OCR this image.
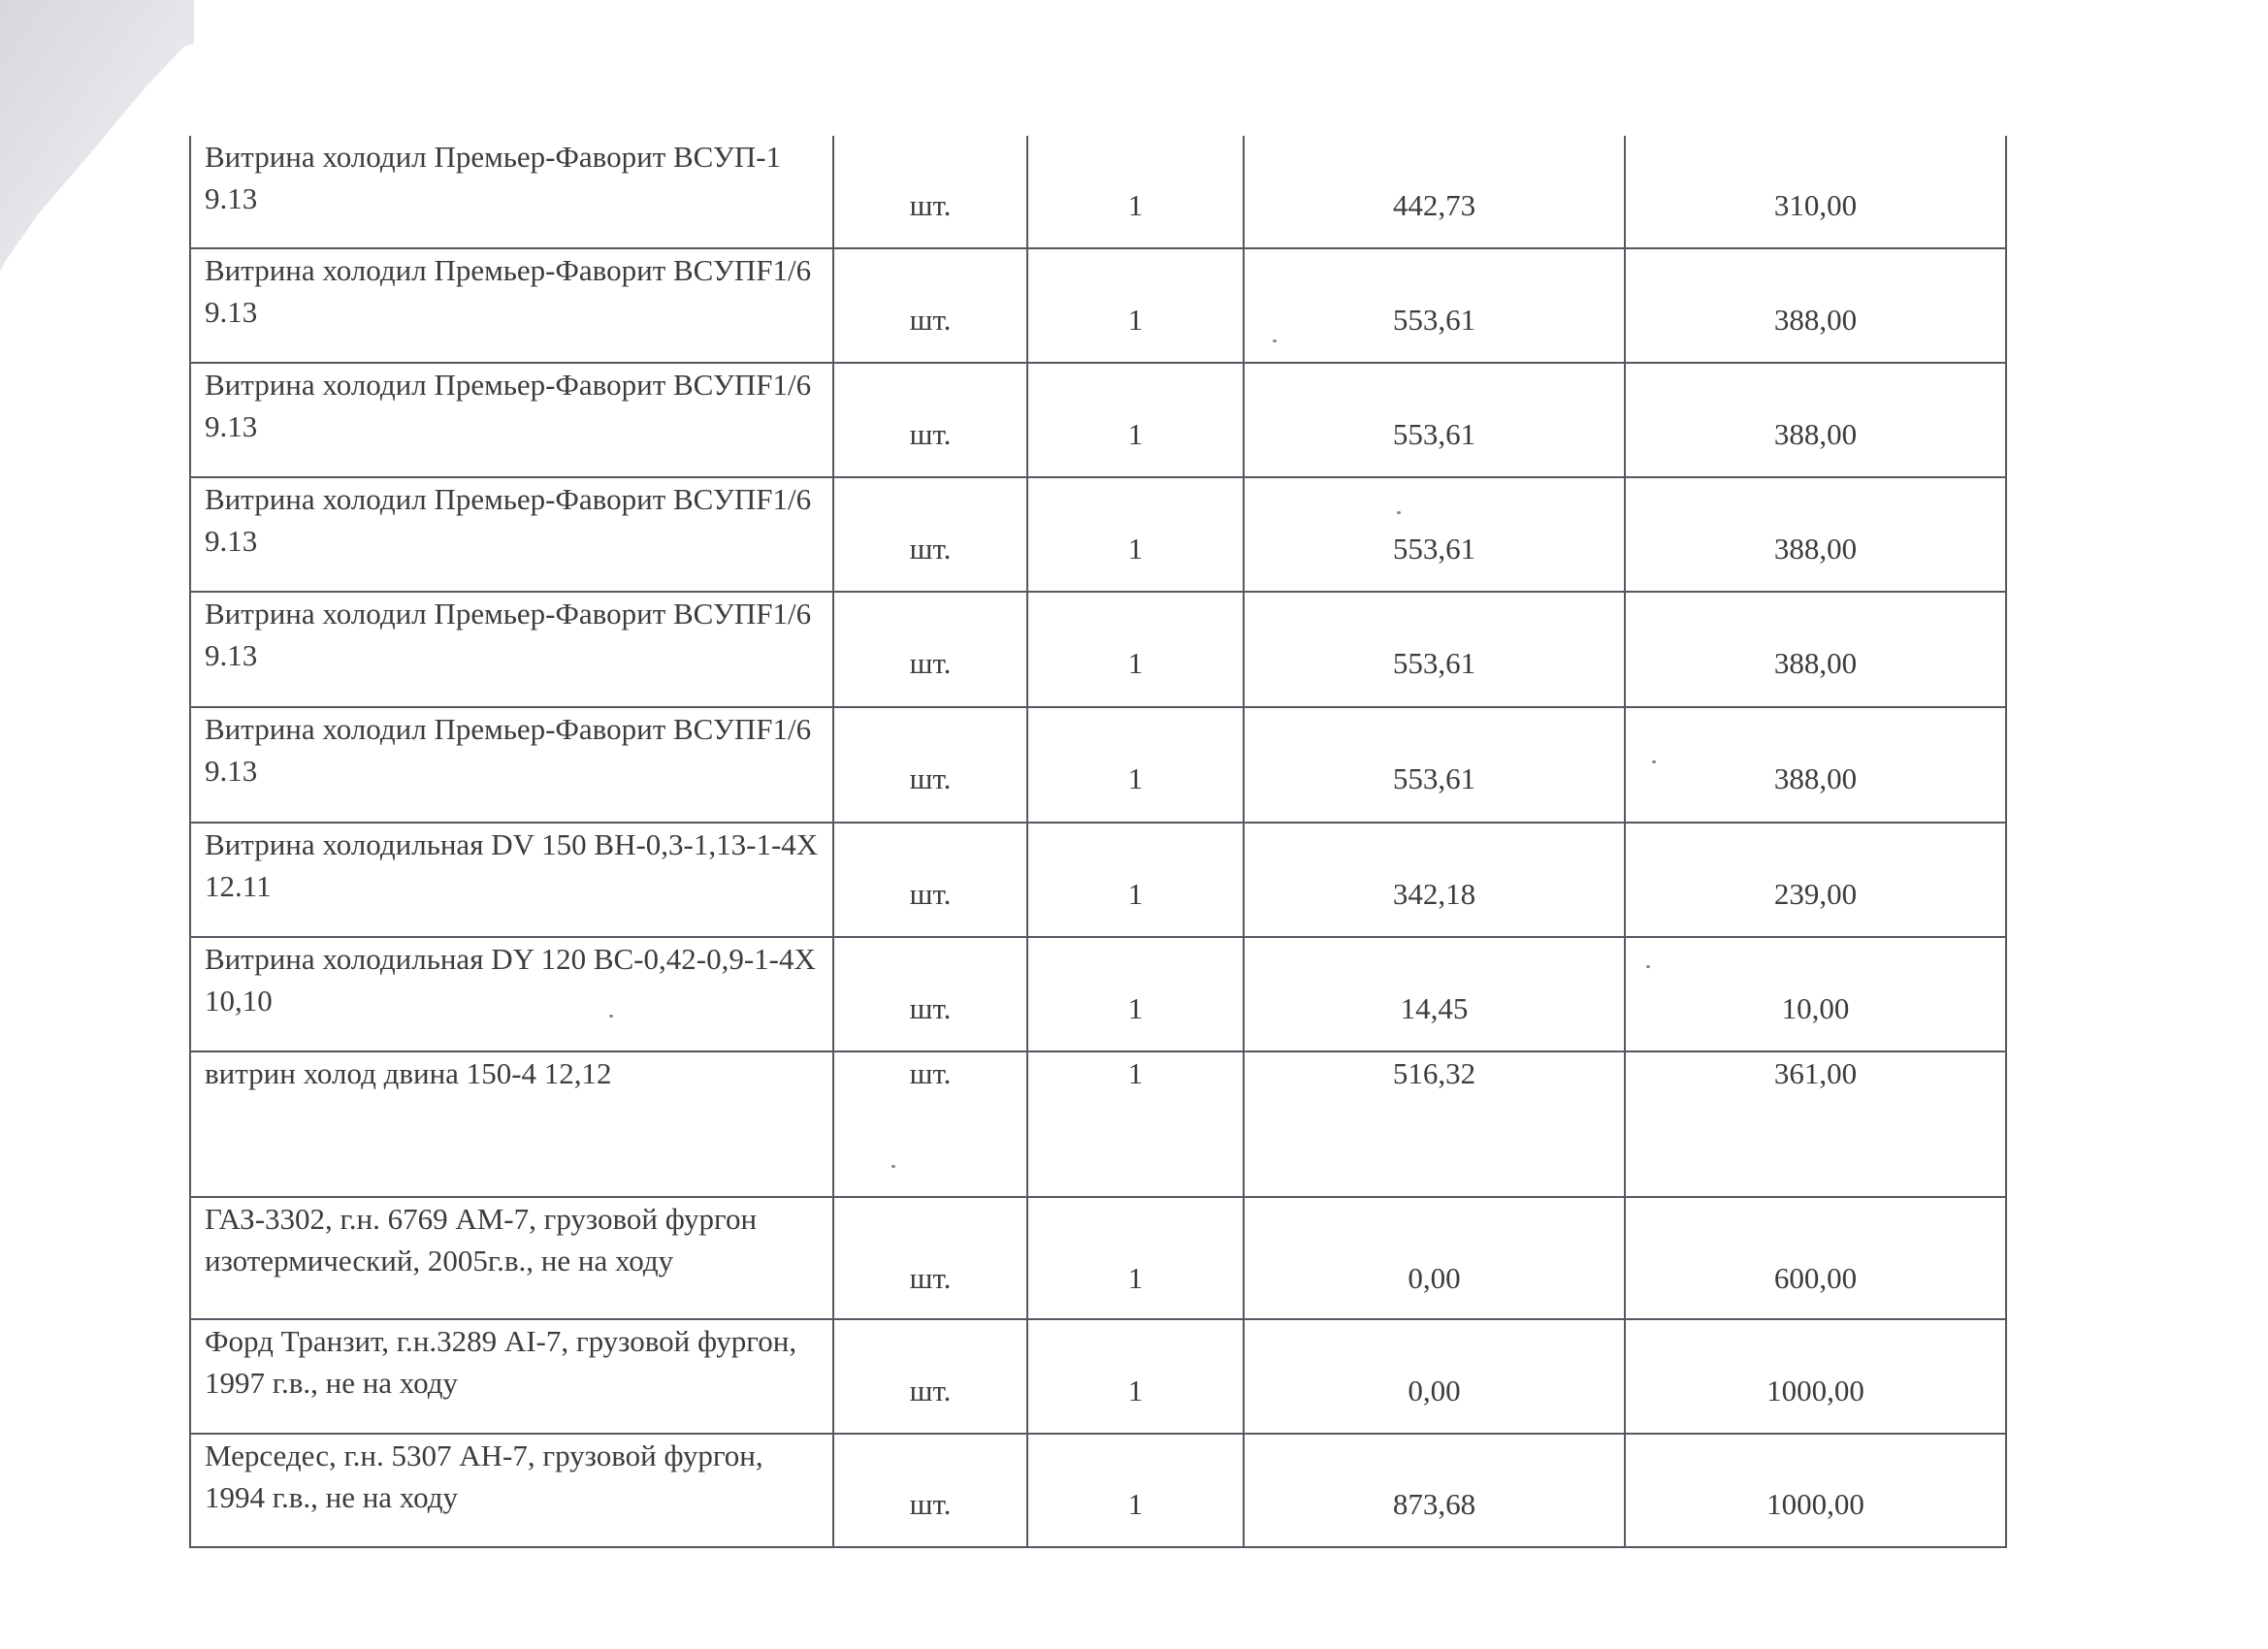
Витрина холодил Премьер-Фаворит ВСУП-1 9.13	шт.	1	442,73	310,00

Витрина холодил Премьер-Фаворит ВСУПF1/6 9.13	шт.	1	553,61	388,00

Витрина холодил Премьер-Фаворит ВСУПF1/6 9.13	шт.	1	553,61	388,00

Витрина холодил Премьер-Фаворит ВСУПF1/6 9.13	шт.	1	553,61	388,00

Витрина холодил Премьер-Фаворит ВСУПF1/6 9.13	шт.	1	553,61	388,00

Витрина холодил Премьер-Фаворит ВСУПF1/6 9.13	шт.	1	553,61	388,00

Витрина холодильная DV 150 ВН-0,3-1,13-1-4Х 12.11	шт.	1	342,18	239,00

Витрина холодильная DY 120 ВС-0,42-0,9-1-4Х 10,10	шт.	1	14,45	10,00

витрин холод двина 150-4 12,12	шт.	1	516,32	361,00

ГАЗ-3302, г.н. 6769 АМ-7, грузовой фургон изотермический, 2005г.в., не на ходу	шт.	1	0,00	600,00

Форд Транзит, г.н.3289 АI-7, грузовой фургон, 1997 г.в., не на ходу	шт.	1	0,00	1000,00

Мерседес, г.н. 5307 АН-7, грузовой фургон, 1994 г.в., не на ходу	шт.	1	873,68	1000,00
